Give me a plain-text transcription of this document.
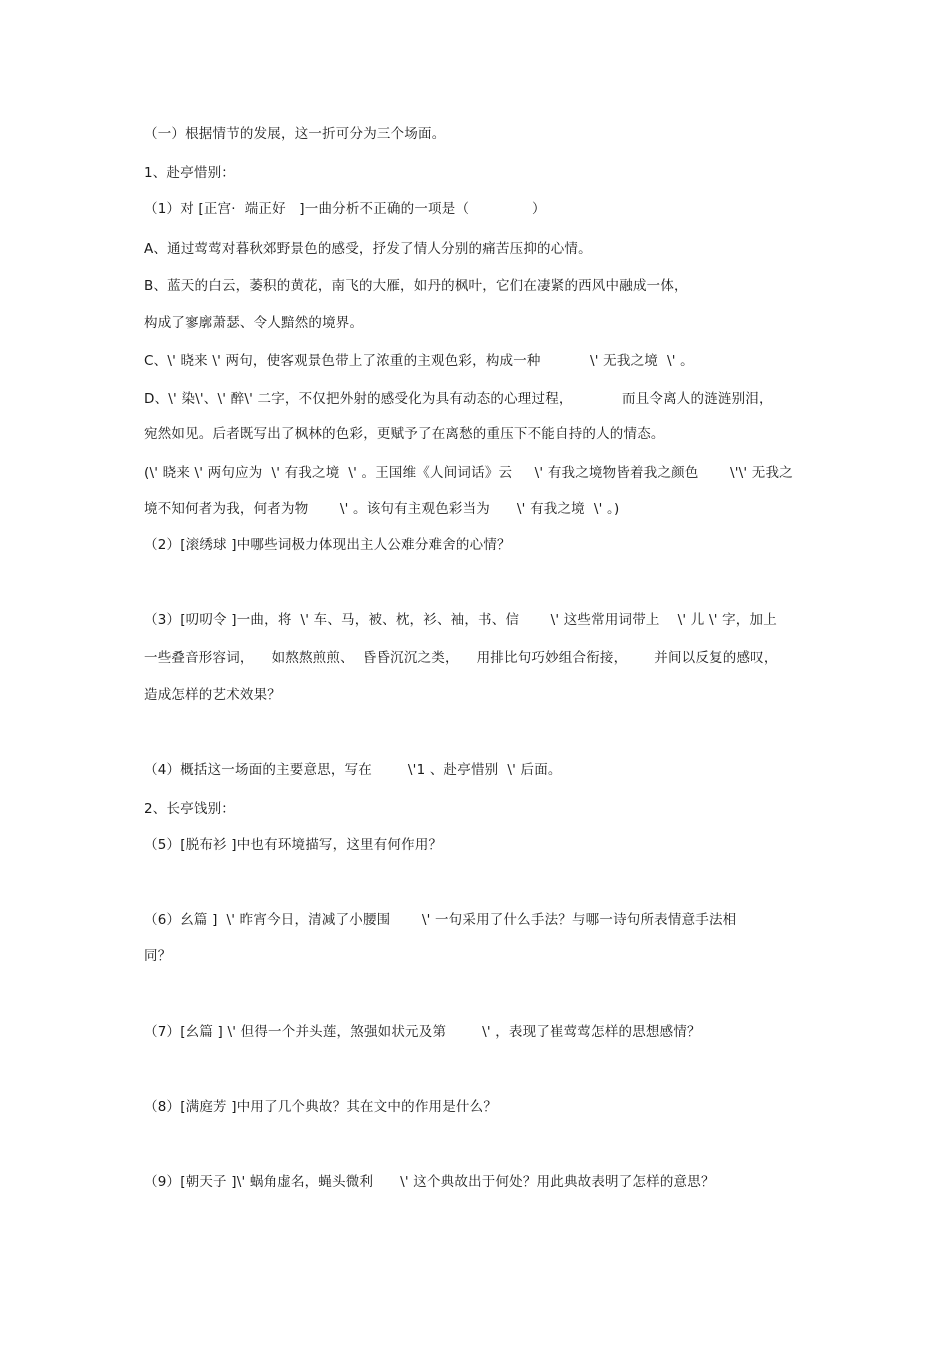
（一）根据情节的发展，这一折可分为三个场面。
1、赴亭惜别：
（1）对 [正宫·  端正好   ]一曲分析不正确的一项是（              ）
A、通过莺莺对暮秋郊野景色的感受，抒发了情人分别的痛苦压抑的心情。
B、蓝天的白云，萎积的黄花，南飞的大雁，如丹的枫叶，它们在凄紧的西风中融成一体，
构成了寥廓萧瑟、令人黯然的境界。
C、\' 晓来 \' 两句，使客观景色带上了浓重的主观色彩，构成一种           \' 无我之境  \' 。
D、\' 染\'、\' 醉\' 二字，不仅把外射的感受化为具有动态的心理过程，           而且令离人的涟涟别泪，
宛然如见。后者既写出了枫林的色彩，更赋予了在离愁的重压下不能自持的人的情态。
(\' 晓来 \' 两句应为  \' 有我之境  \' 。王国维《人间词话》云     \' 有我之境物皆着我之颜色       \'\' 无我之
境不知何者为我，何者为物       \' 。该句有主观色彩当为      \' 有我之境  \' 。)
（2）[滚绣球 ]中哪些词极力体现出主人公难分难舍的心情？
（3）[叨叨令 ]一曲，将  \' 车、马，被、枕，衫、袖，书、信       \' 这些常用词带上    \' 儿 \' 字，加上
一些叠音形容词，    如熬熬煎煎、  昏昏沉沉之类，    用排比句巧妙组合衔接，      并间以反复的感叹，
造成怎样的艺术效果？
（4）概括这一场面的主要意思，写在        \'1 、赴亭惜别  \' 后面。
2、长亭饯别：
（5）[脱布衫 ]中也有环境描写，这里有何作用？
（6）幺篇 ]  \' 昨宵今日，清减了小腰围       \' 一句采用了什么手法？与哪一诗句所表情意手法相
同？
（7）[幺篇 ] \' 但得一个并头莲，煞强如状元及第        \' ，表现了崔莺莺怎样的思想感情？
（8）[满庭芳 ]中用了几个典故？其在文中的作用是什么？
（9）[朝天子 ]\' 蜗角虚名，蝇头微利      \' 这个典故出于何处？用此典故表明了怎样的意思？
